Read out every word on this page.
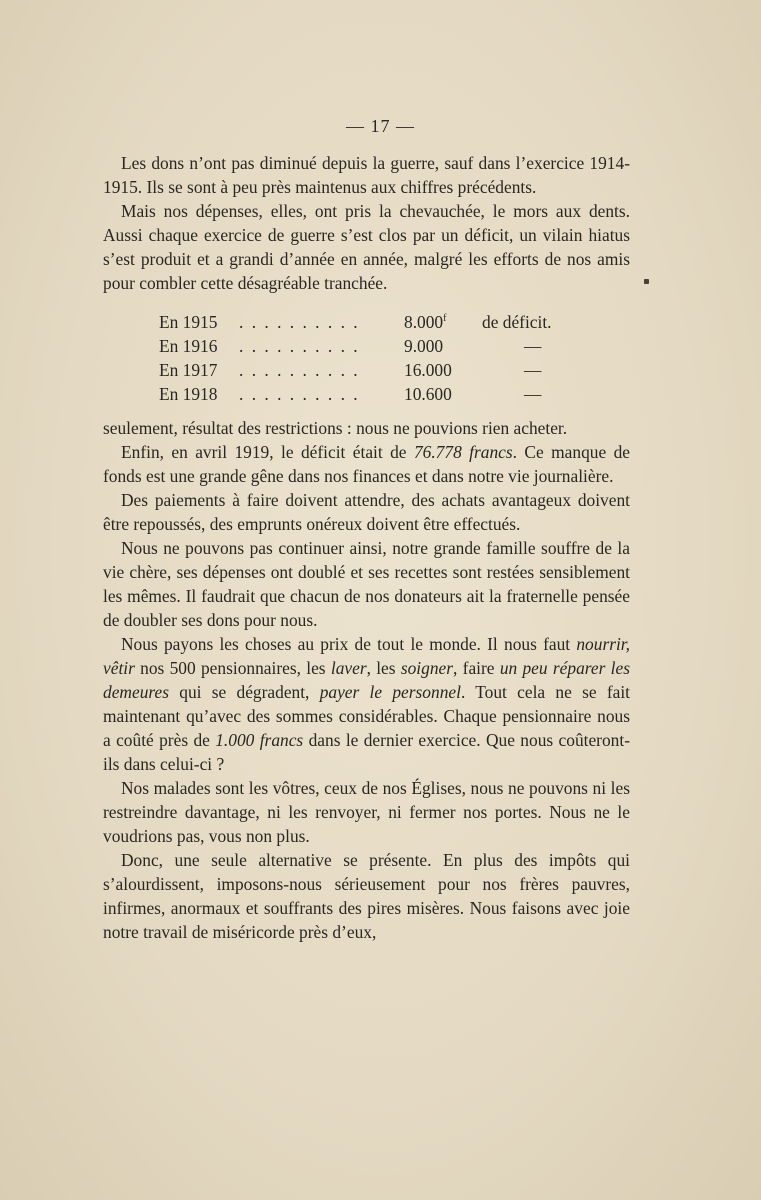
— 17 —

Les dons n’ont pas diminué depuis la guerre, sauf dans l’exercice 1914-1915. Ils se sont à peu près maintenus aux chiffres précédents.

Mais nos dépenses, elles, ont pris la chevauchée, le mors aux dents. Aussi chaque exercice de guerre s’est clos par un déficit, un vilain hiatus s’est produit et a grandi d’année en année, malgré les efforts de nos amis pour combler cette désagréable tranchée.

En 1915	. . . . . . . . . .	8.000$^f$	de déficit.
En 1916	. . . . . . . . . .	9.000	—
En 1917	. . . . . . . . . .	16.000	—
En 1918	. . . . . . . . . .	10.600	—

seulement, résultat des restrictions : nous ne pouvions rien acheter.

Enfin, en avril 1919, le déficit était de 76.778 francs. Ce manque de fonds est une grande gêne dans nos finances et dans notre vie journalière.

Des paiements à faire doivent attendre, des achats avantageux doivent être repoussés, des emprunts onéreux doivent être effectués.

Nous ne pouvons pas continuer ainsi, notre grande famille souffre de la vie chère, ses dépenses ont doublé et ses recettes sont restées sensiblement les mêmes. Il faudrait que chacun de nos donateurs ait la fraternelle pensée de doubler ses dons pour nous.

Nous payons les choses au prix de tout le monde. Il nous faut nourrir, vêtir nos 500 pensionnaires, les laver, les soigner, faire un peu réparer les demeures qui se dégradent, payer le personnel. Tout cela ne se fait maintenant qu’avec des sommes considérables. Chaque pensionnaire nous a coûté près de 1.000 francs dans le dernier exercice. Que nous coûteront-ils dans celui-ci ?

Nos malades sont les vôtres, ceux de nos Églises, nous ne pouvons ni les restreindre davantage, ni les renvoyer, ni fermer nos portes. Nous ne le voudrions pas, vous non plus.

Donc, une seule alternative se présente. En plus des impôts qui s’alourdissent, imposons-nous sérieusement pour nos frères pauvres, infirmes, anormaux et souffrants des pires misères. Nous faisons avec joie notre travail de miséricorde près d’eux,
